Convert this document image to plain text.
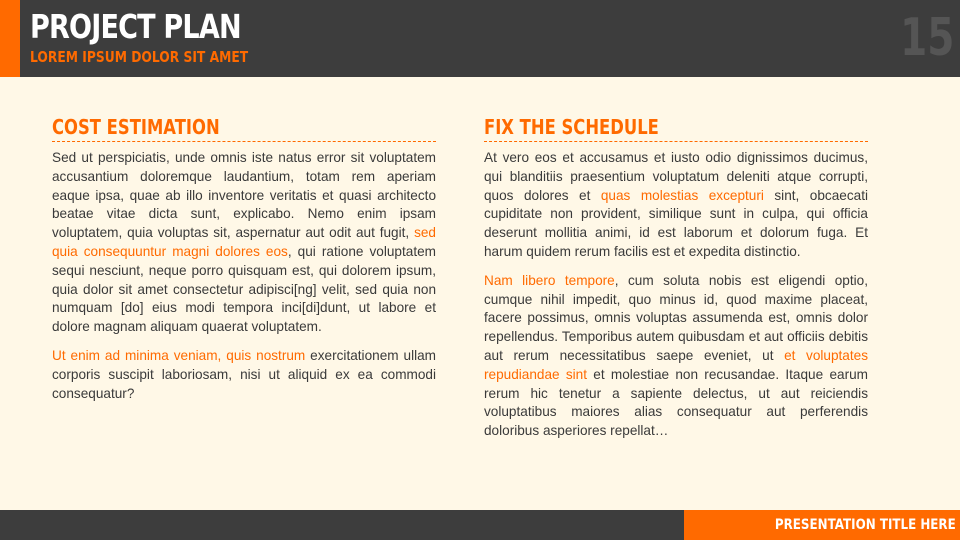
PROJECT PLAN
LOREM IPSUM DOLOR SIT AMET	15
COST ESTIMATION

Sed ut perspiciatis, unde omnis iste natus error sit voluptatem accusantium doloremque laudantium, totam rem aperiam eaque ipsa, quae ab illo inventore veritatis et quasi architecto beatae vitae dicta sunt, explicabo. Nemo enim ipsam voluptatem, quia voluptas sit, aspernatur aut odit aut fugit, sed quia consequuntur magni dolores eos, qui ratione voluptatem sequi nesciunt, neque porro quisquam est, qui dolorem ipsum, quia dolor sit amet consectetur adipisci[ng] velit, sed quia non numquam [do] eius modi tempora inci[di]dunt, ut labore et dolore magnam aliquam quaerat voluptatem.

Ut enim ad minima veniam, quis nostrum exercitationem ullam corporis suscipit laboriosam, nisi ut aliquid ex ea commodi consequatur?

FIX THE SCHEDULE

At vero eos et accusamus et iusto odio dignissimos ducimus, qui blanditiis praesentium voluptatum deleniti atque corrupti, quos dolores et quas molestias excepturi sint, obcaecati cupiditate non provident, similique sunt in culpa, qui officia deserunt mollitia animi, id est laborum et dolorum fuga. Et harum quidem rerum facilis est et expedita distinctio.

Nam libero tempore, cum soluta nobis est eligendi optio, cumque nihil impedit, quo minus id, quod maxime placeat, facere possimus, omnis voluptas assumenda est, omnis dolor repellendus. Temporibus autem quibusdam et aut officiis debitis aut rerum necessitatibus saepe eveniet, ut et voluptates repudiandae sint et molestiae non recusandae. Itaque earum rerum hic tenetur a sapiente delectus, ut aut reiciendis voluptatibus maiores alias consequatur aut perferendis doloribus asperiores repellat…

PRESENTATION TITLE HERE
